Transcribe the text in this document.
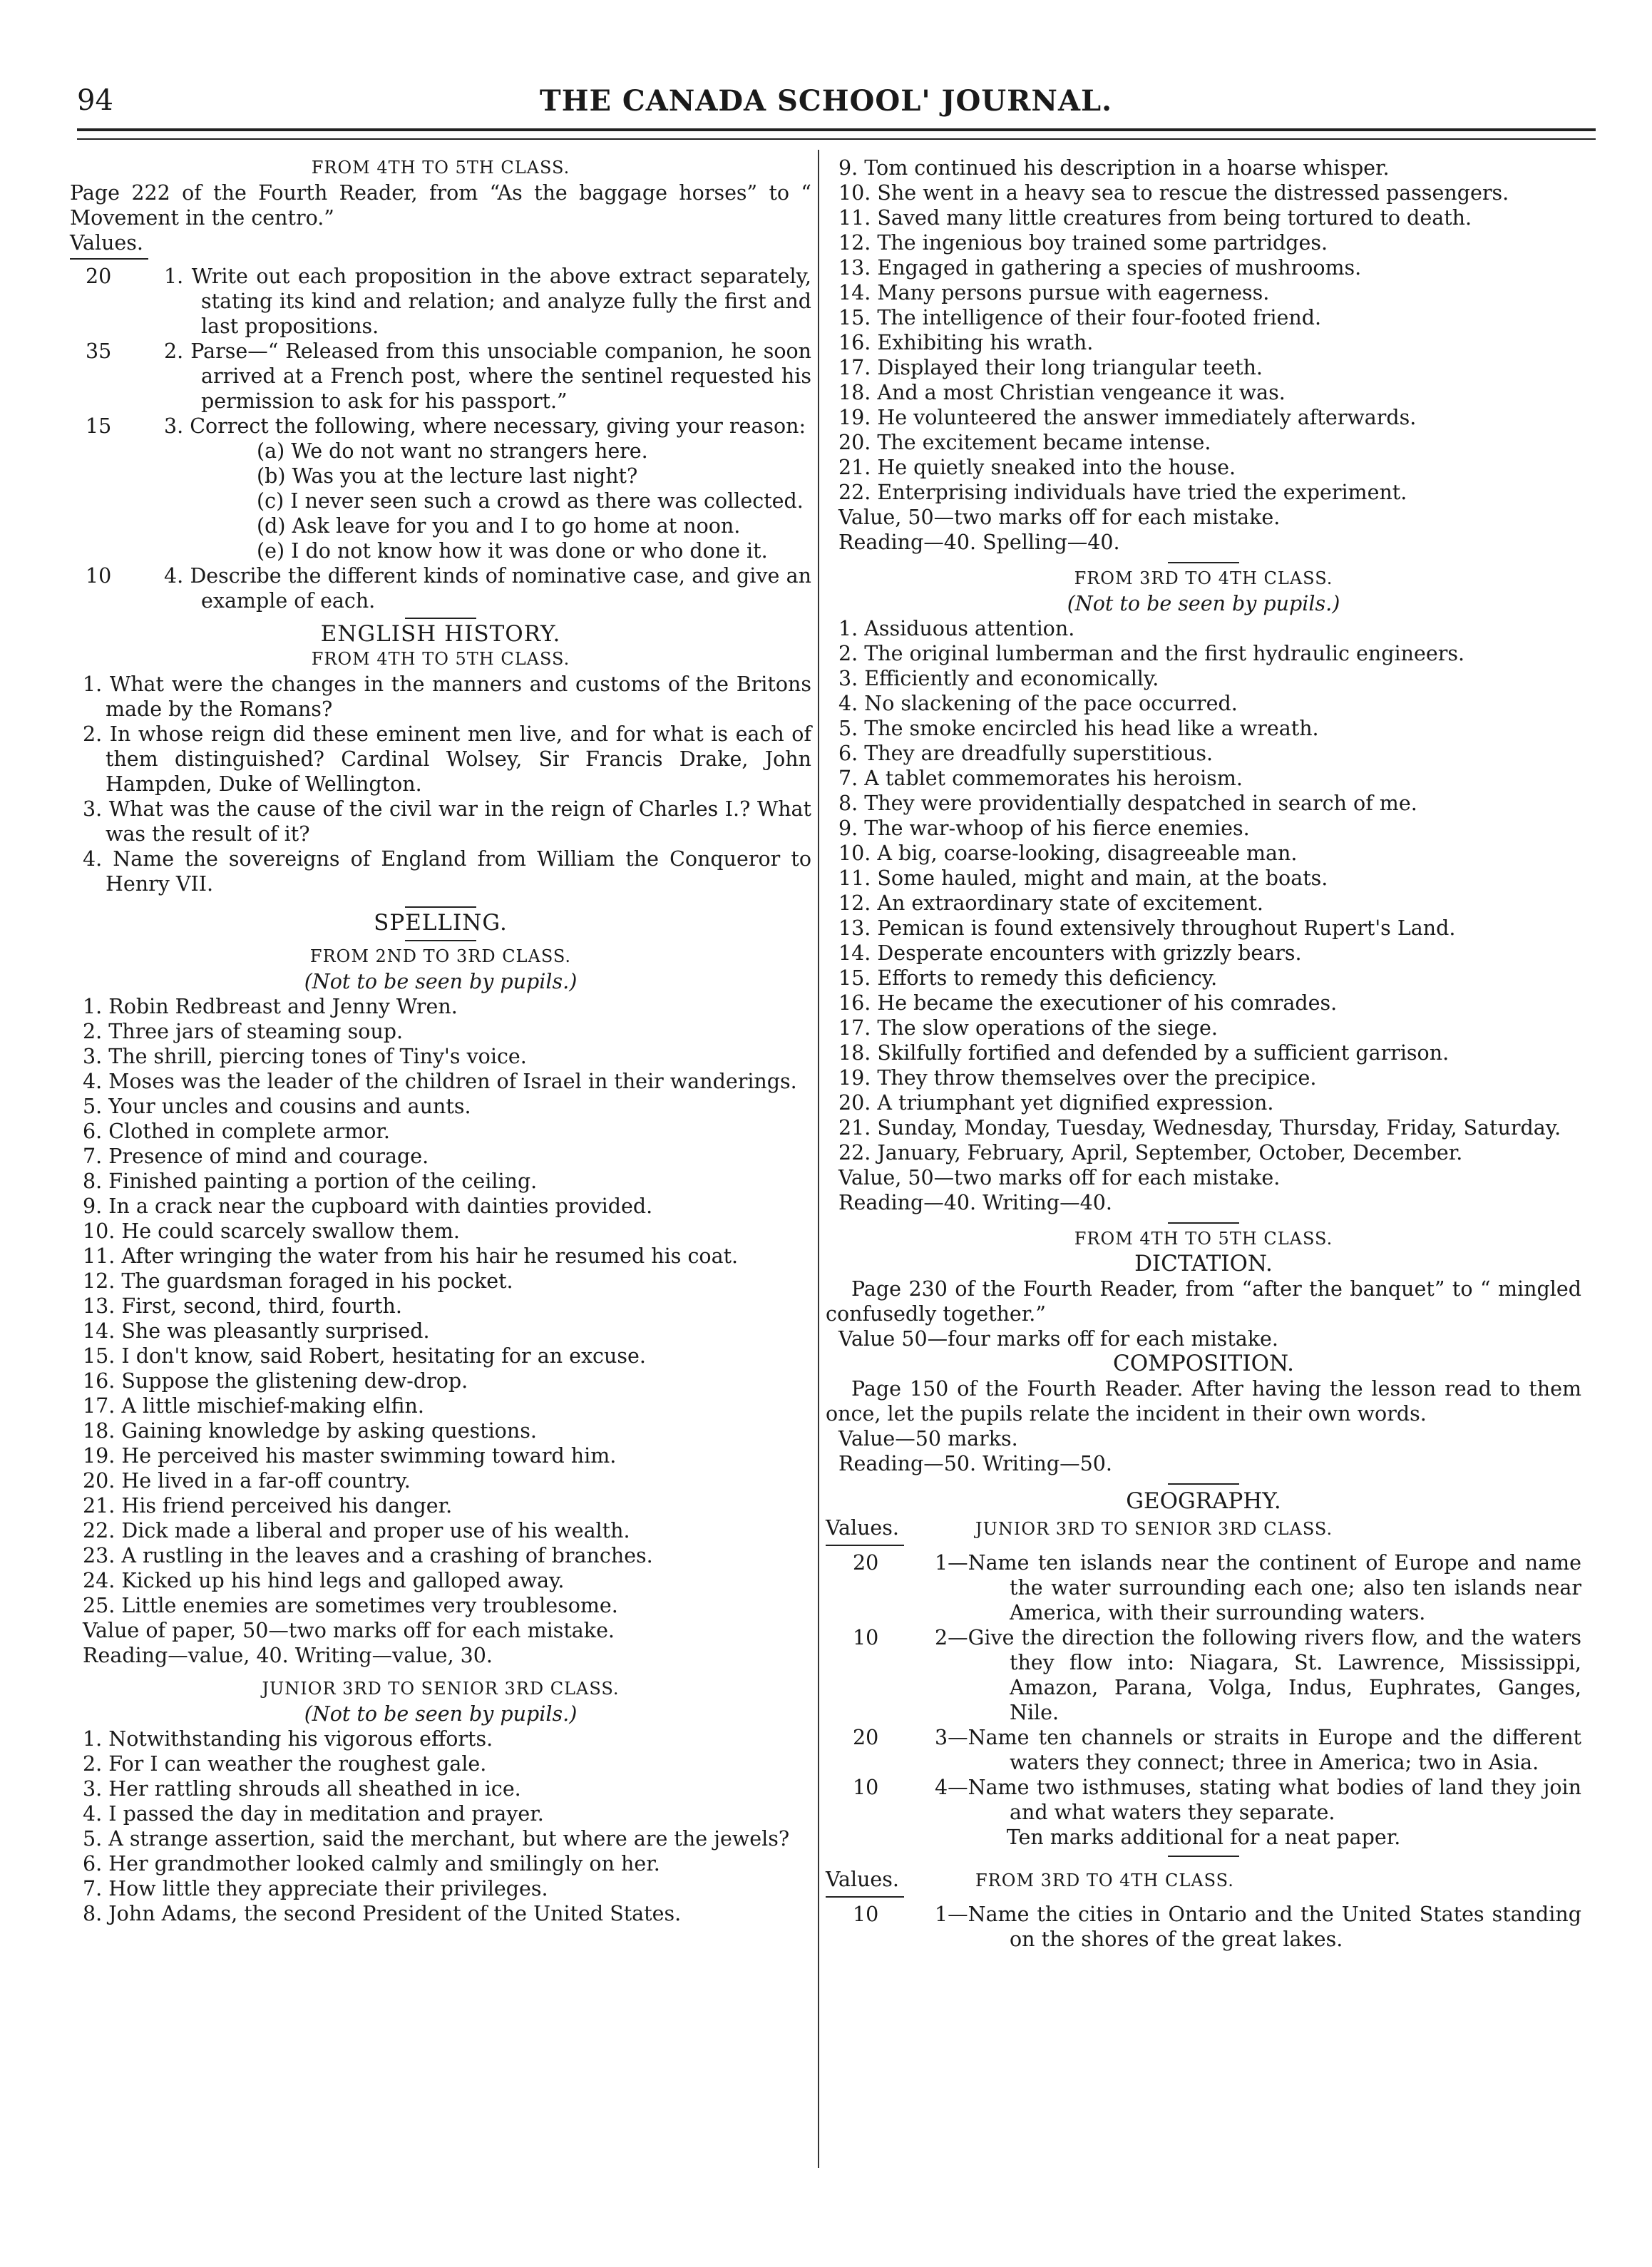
94	THE CANADA SCHOOL' JOURNAL.
FROM 4TH TO 5TH CLASS.
Page 222 of the Fourth Reader, from “As the baggage horses” to “ Movement in the centro.”
Values.
20	1. Write out each proposition in the above extract separately, stating its kind and relation; and analyze fully the first and last propositions.
35	2. Parse—“ Released from this unsociable companion, he soon arrived at a French post, where the sentinel requested his permission to ask for his passport.”
15	3. Correct the following, where necessary, giving your reason:
(a) We do not want no strangers here.
(b) Was you at the lecture last night?
(c) I never seen such a crowd as there was collected.
(d) Ask leave for you and I to go home at noon.
(e) I do not know how it was done or who done it.
10	4. Describe the different kinds of nominative case, and give an example of each.
ENGLISH HISTORY.
FROM 4TH TO 5TH CLASS.
1. What were the changes in the manners and customs of the Britons made by the Romans?
2. In whose reign did these eminent men live, and for what is each of them distinguished? Cardinal Wolsey, Sir Francis Drake, John Hampden, Duke of Wellington.
3. What was the cause of the civil war in the reign of Charles I.? What was the result of it?
4. Name the sovereigns of England from William the Conqueror to Henry VII.
SPELLING.
FROM 2ND TO 3RD CLASS.
(Not to be seen by pupils.)
1. Robin Redbreast and Jenny Wren.
2. Three jars of steaming soup.
3. The shrill, piercing tones of Tiny's voice.
4. Moses was the leader of the children of Israel in their wanderings.
5. Your uncles and cousins and aunts.
6. Clothed in complete armor.
7. Presence of mind and courage.
8. Finished painting a portion of the ceiling.
9. In a crack near the cupboard with dainties provided.
10. He could scarcely swallow them.
11. After wringing the water from his hair he resumed his coat.
12. The guardsman foraged in his pocket.
13. First, second, third, fourth.
14. She was pleasantly surprised.
15. I don't know, said Robert, hesitating for an excuse.
16. Suppose the glistening dew-drop.
17. A little mischief-making elfin.
18. Gaining knowledge by asking questions.
19. He perceived his master swimming toward him.
20. He lived in a far-off country.
21. His friend perceived his danger.
22. Dick made a liberal and proper use of his wealth.
23. A rustling in the leaves and a crashing of branches.
24. Kicked up his hind legs and galloped away.
25. Little enemies are sometimes very troublesome.
Value of paper, 50—two marks off for each mistake.
Reading—value, 40. Writing—value, 30.
JUNIOR 3RD TO SENIOR 3RD CLASS.
(Not to be seen by pupils.)
1. Notwithstanding his vigorous efforts.
2. For I can weather the roughest gale.
3. Her rattling shrouds all sheathed in ice.
4. I passed the day in meditation and prayer.
5. A strange assertion, said the merchant, but where are the jewels?
6. Her grandmother looked calmly and smilingly on her.
7. How little they appreciate their privileges.
8. John Adams, the second President of the United States.
9. Tom continued his description in a hoarse whisper.
10. She went in a heavy sea to rescue the distressed passengers.
11. Saved many little creatures from being tortured to death.
12. The ingenious boy trained some partridges.
13. Engaged in gathering a species of mushrooms.
14. Many persons pursue with eagerness.
15. The intelligence of their four-footed friend.
16. Exhibiting his wrath.
17. Displayed their long triangular teeth.
18. And a most Christian vengeance it was.
19. He volunteered the answer immediately afterwards.
20. The excitement became intense.
21. He quietly sneaked into the house.
22. Enterprising individuals have tried the experiment.
Value, 50—two marks off for each mistake.
Reading—40. Spelling—40.
FROM 3RD TO 4TH CLASS.
(Not to be seen by pupils.)
1. Assiduous attention.
2. The original lumberman and the first hydraulic engineers.
3. Efficiently and economically.
4. No slackening of the pace occurred.
5. The smoke encircled his head like a wreath.
6. They are dreadfully superstitious.
7. A tablet commemorates his heroism.
8. They were providentially despatched in search of me.
9. The war-whoop of his fierce enemies.
10. A big, coarse-looking, disagreeable man.
11. Some hauled, might and main, at the boats.
12. An extraordinary state of excitement.
13. Pemican is found extensively throughout Rupert's Land.
14. Desperate encounters with grizzly bears.
15. Efforts to remedy this deficiency.
16. He became the executioner of his comrades.
17. The slow operations of the siege.
18. Skilfully fortified and defended by a sufficient garrison.
19. They throw themselves over the precipice.
20. A triumphant yet dignified expression.
21. Sunday, Monday, Tuesday, Wednesday, Thursday, Friday, Saturday.
22. January, February, April, September, October, December.
Value, 50—two marks off for each mistake.
Reading—40. Writing—40.
FROM 4TH TO 5TH CLASS.
DICTATION.
Page 230 of the Fourth Reader, from “after the banquet” to “ mingled confusedly together.”
Value 50—four marks off for each mistake.
COMPOSITION.
Page 150 of the Fourth Reader. After having the lesson read to them once, let the pupils relate the incident in their own words.
Value—50 marks.
Reading—50. Writing—50.
GEOGRAPHY.
Values.	JUNIOR 3RD TO SENIOR 3RD CLASS.
20	1—Name ten islands near the continent of Europe and name the water surrounding each one; also ten islands near America, with their surrounding waters.
10	2—Give the direction the following rivers flow, and the waters they flow into: Niagara, St. Lawrence, Mississippi, Amazon, Parana, Volga, Indus, Euphrates, Ganges, Nile.
20	3—Name ten channels or straits in Europe and the different waters they connect; three in America; two in Asia.
10	4—Name two isthmuses, stating what bodies of land they join and what waters they separate.
Ten marks additional for a neat paper.
Values.	FROM 3RD TO 4TH CLASS.
10	1—Name the cities in Ontario and the United States standing on the shores of the great lakes.
